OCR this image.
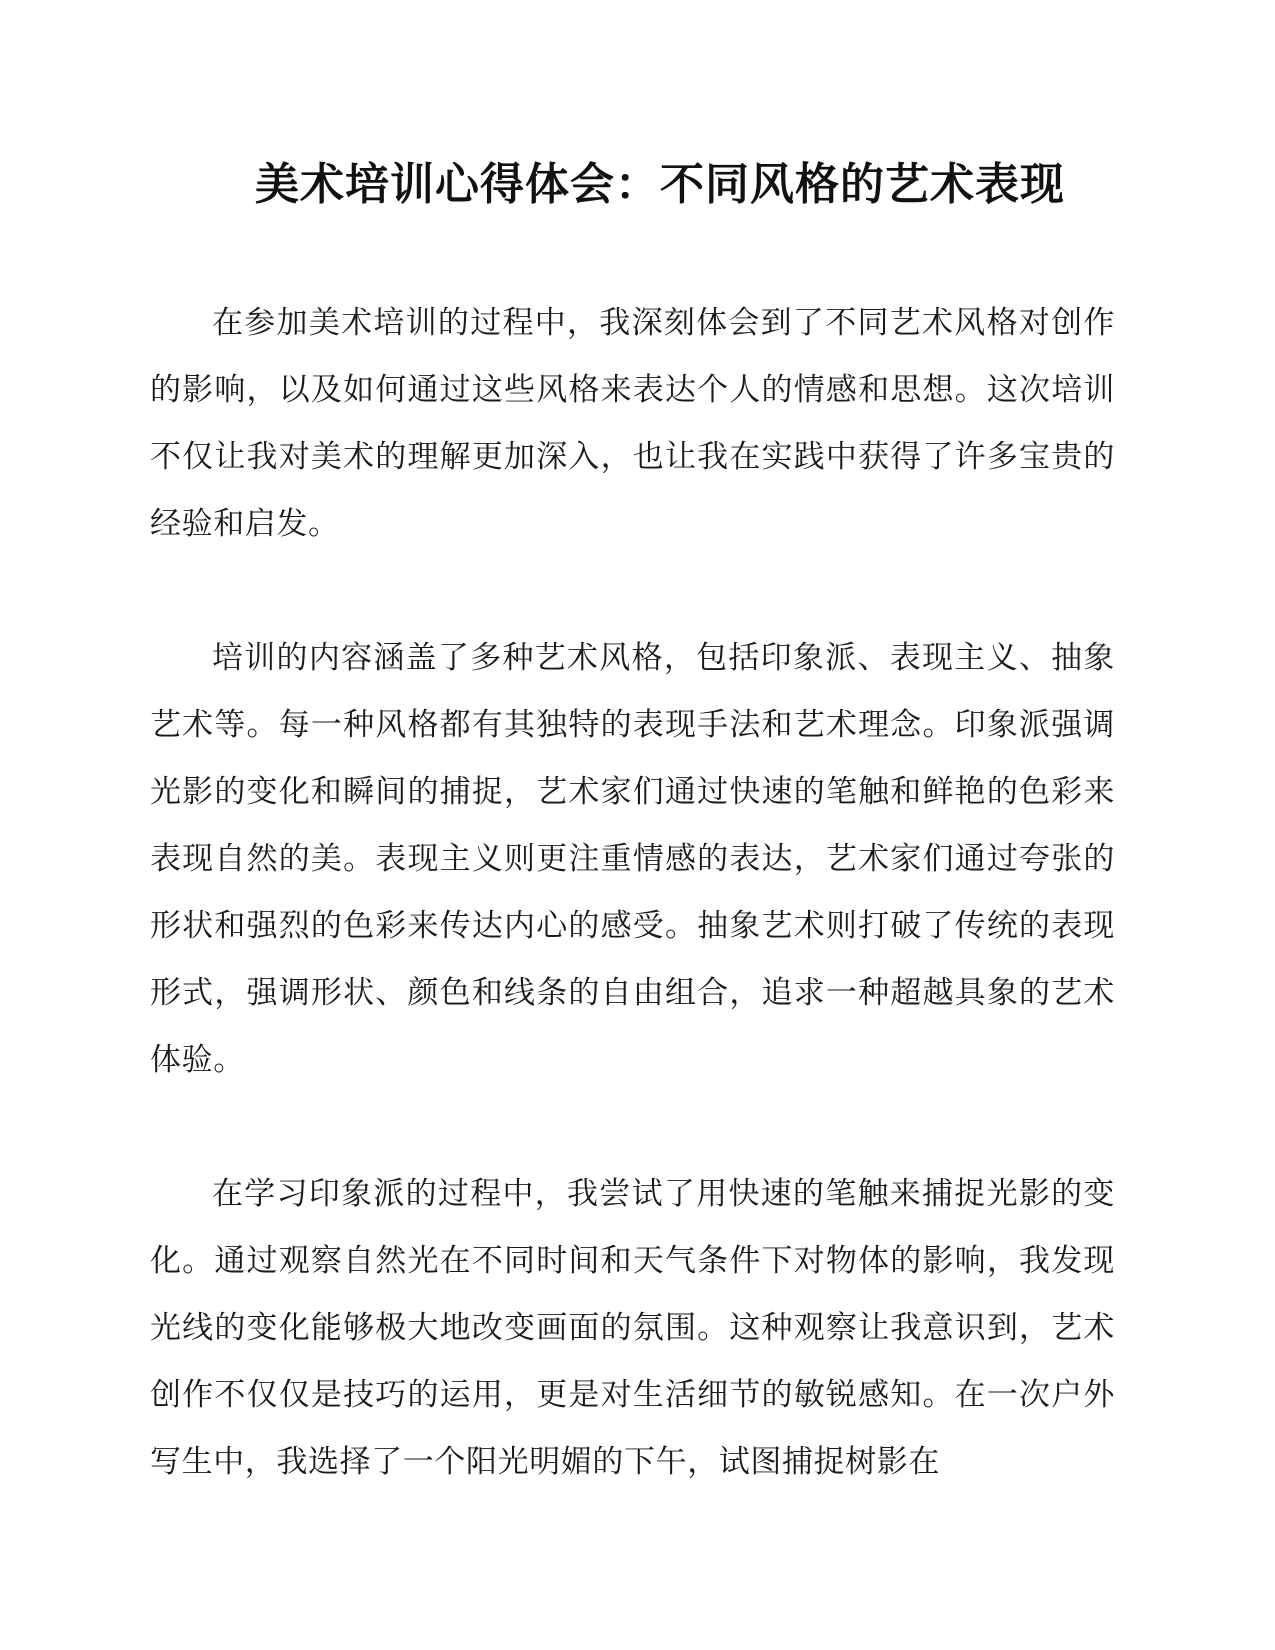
美术培训心得体会：不同风格的艺术表现

在参加美术培训的过程中，我深刻体会到了不同艺术风格对创作的影响，以及如何通过这些风格来表达个人的情感和思想。这次培训不仅让我对美术的理解更加深入，也让我在实践中获得了许多宝贵的经验和启发。

培训的内容涵盖了多种艺术风格，包括印象派、表现主义、抽象艺术等。每一种风格都有其独特的表现手法和艺术理念。印象派强调光影的变化和瞬间的捕捉，艺术家们通过快速的笔触和鲜艳的色彩来表现自然的美。表现主义则更注重情感的表达，艺术家们通过夸张的形状和强烈的色彩来传达内心的感受。抽象艺术则打破了传统的表现形式，强调形状、颜色和线条的自由组合，追求一种超越具象的艺术体验。

在学习印象派的过程中，我尝试了用快速的笔触来捕捉光影的变化。通过观察自然光在不同时间和天气条件下对物体的影响，我发现光线的变化能够极大地改变画面的氛围。这种观察让我意识到，艺术创作不仅仅是技巧的运用，更是对生活细节的敏锐感知。在一次户外写生中，我选择了一个阳光明媚的下午，试图捕捉树影在
